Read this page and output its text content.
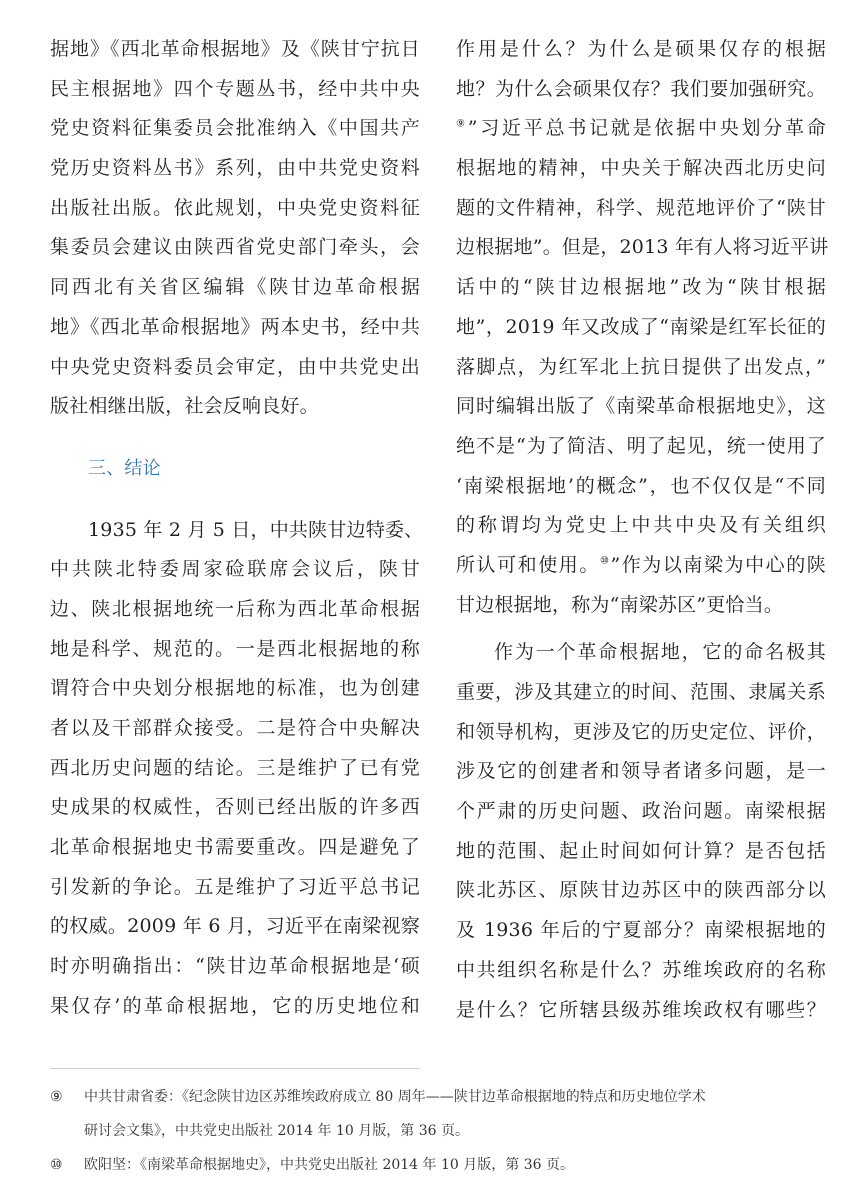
据地》《西北革命根据地》及《陕甘宁抗日
民主根据地》四个专题丛书，经中共中央
党史资料征集委员会批准纳入《中国共产
党历史资料丛书》系列，由中共党史资料
出版社出版。依此规划，中央党史资料征
集委员会建议由陕西省党史部门牵头，会
同西北有关省区编辑《陕甘边革命根据
地》《西北革命根据地》两本史书，经中共
中央党史资料委员会审定，由中共党史出
版社相继出版，社会反响良好。
三、结论
1935 年 2 月 5 日，中共陕甘边特委、
中共陕北特委周家硷联席会议后，陕甘
边、陕北根据地统一后称为西北革命根据
地是科学、规范的。一是西北根据地的称
谓符合中央划分根据地的标准，也为创建
者以及干部群众接受。二是符合中央解决
西北历史问题的结论。三是维护了已有党
史成果的权威性，否则已经出版的许多西
北革命根据地史书需要重改。四是避免了
引发新的争论。五是维护了习近平总书记
的权威。2009 年 6 月，习近平在南梁视察
时亦明确指出：“陕甘边革命根据地是‘硕
果仅存’的革命根据地，它的历史地位和
作用是什么？为什么是硕果仅存的根据
地？为什么会硕果仅存？我们要加强研究。
⑨”习近平总书记就是依据中央划分革命
根据地的精神，中央关于解决西北历史问
题的文件精神，科学、规范地评价了“陕甘
边根据地”。但是，2013 年有人将习近平讲
话中的“陕甘边根据地”改为“陕甘根据
地”，2019 年又改成了“南梁是红军长征的
落脚点，为红军北上抗日提供了出发点，”
同时编辑出版了《南梁革命根据地史》，这
绝不是“为了简洁、明了起见，统一使用了
‘南梁根据地’的概念”，也不仅仅是“不同
的称谓均为党史上中共中央及有关组织
所认可和使用。⑩”作为以南梁为中心的陕
甘边根据地，称为“南梁苏区”更恰当。
作为一个革命根据地，它的命名极其
重要，涉及其建立的时间、范围、隶属关系
和领导机构，更涉及它的历史定位、评价，
涉及它的创建者和领导者诸多问题，是一
个严肃的历史问题、政治问题。南梁根据
地的范围、起止时间如何计算？是否包括
陕北苏区、原陕甘边苏区中的陕西部分以
及 1936 年后的宁夏部分？南梁根据地的
中共组织名称是什么？苏维埃政府的名称
是什么？它所辖县级苏维埃政权有哪些？
⑨	中共甘肃省委：《纪念陕甘边区苏维埃政府成立 80 周年——陕甘边革命根据地的特点和历史地位学术
研讨会文集》，中共党史出版社 2014 年 10 月版，第 36 页。
⑩	欧阳坚：《南梁革命根据地史》，中共党史出版社 2014 年 10 月版，第 36 页。
